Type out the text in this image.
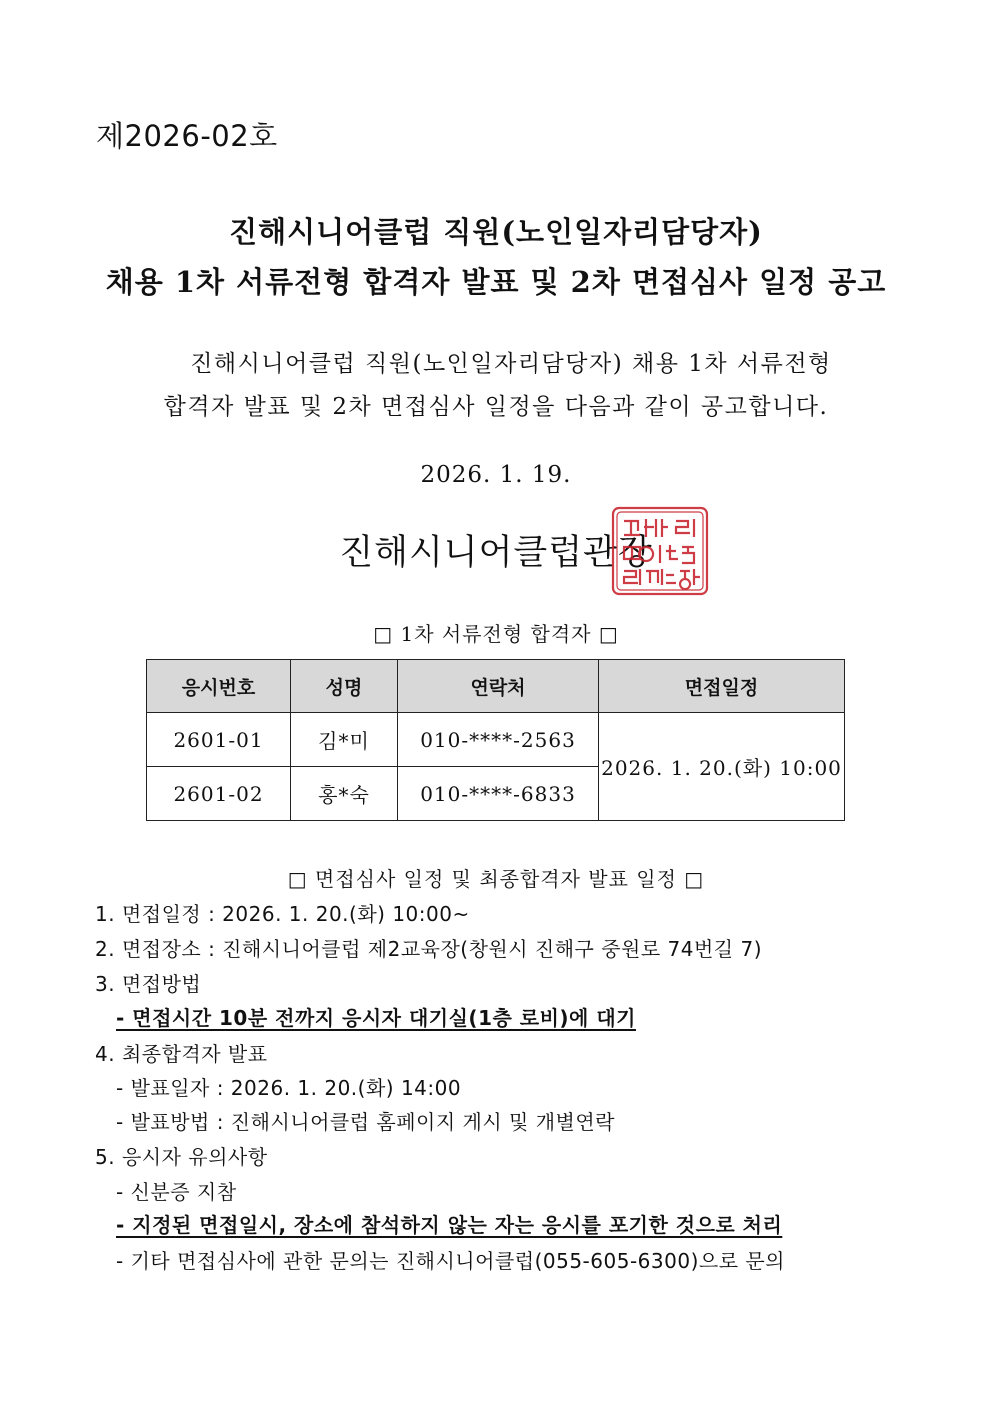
제2026-02호
진해시니어클럽 직원(노인일자리담당자)
채용 1차 서류전형 합격자 발표 및 2차 면접심사 일정 공고
진해시니어클럽 직원(노인일자리담당자) 채용 1차 서류전형
합격자 발표 및 2차 면접심사 일정을 다음과 같이 공고합니다.
2026. 1. 19.
진해시니어클럽관장
□ 1차 서류전형 합격자 □
응시번호	성명	연락처	면접일정
2601-01	김*미	010-****-2563	2026. 1. 20.(화) 10:00
2601-02	홍*숙	010-****-6833	
□ 면접심사 일정 및 최종합격자 발표 일정 □
1. 면접일정 : 2026. 1. 20.(화) 10:00~
2. 면접장소 : 진해시니어클럽 제2교육장(창원시 진해구 중원로 74번길 7)
3. 면접방법
- 면접시간 10분 전까지 응시자 대기실(1층 로비)에 대기
4. 최종합격자 발표
- 발표일자 : 2026. 1. 20.(화) 14:00
- 발표방법 : 진해시니어클럽 홈페이지 게시 및 개별연락
5. 응시자 유의사항
- 신분증 지참
- 지정된 면접일시, 장소에 참석하지 않는 자는 응시를 포기한 것으로 처리
- 기타 면접심사에 관한 문의는 진해시니어클럽(055-605-6300)으로 문의
